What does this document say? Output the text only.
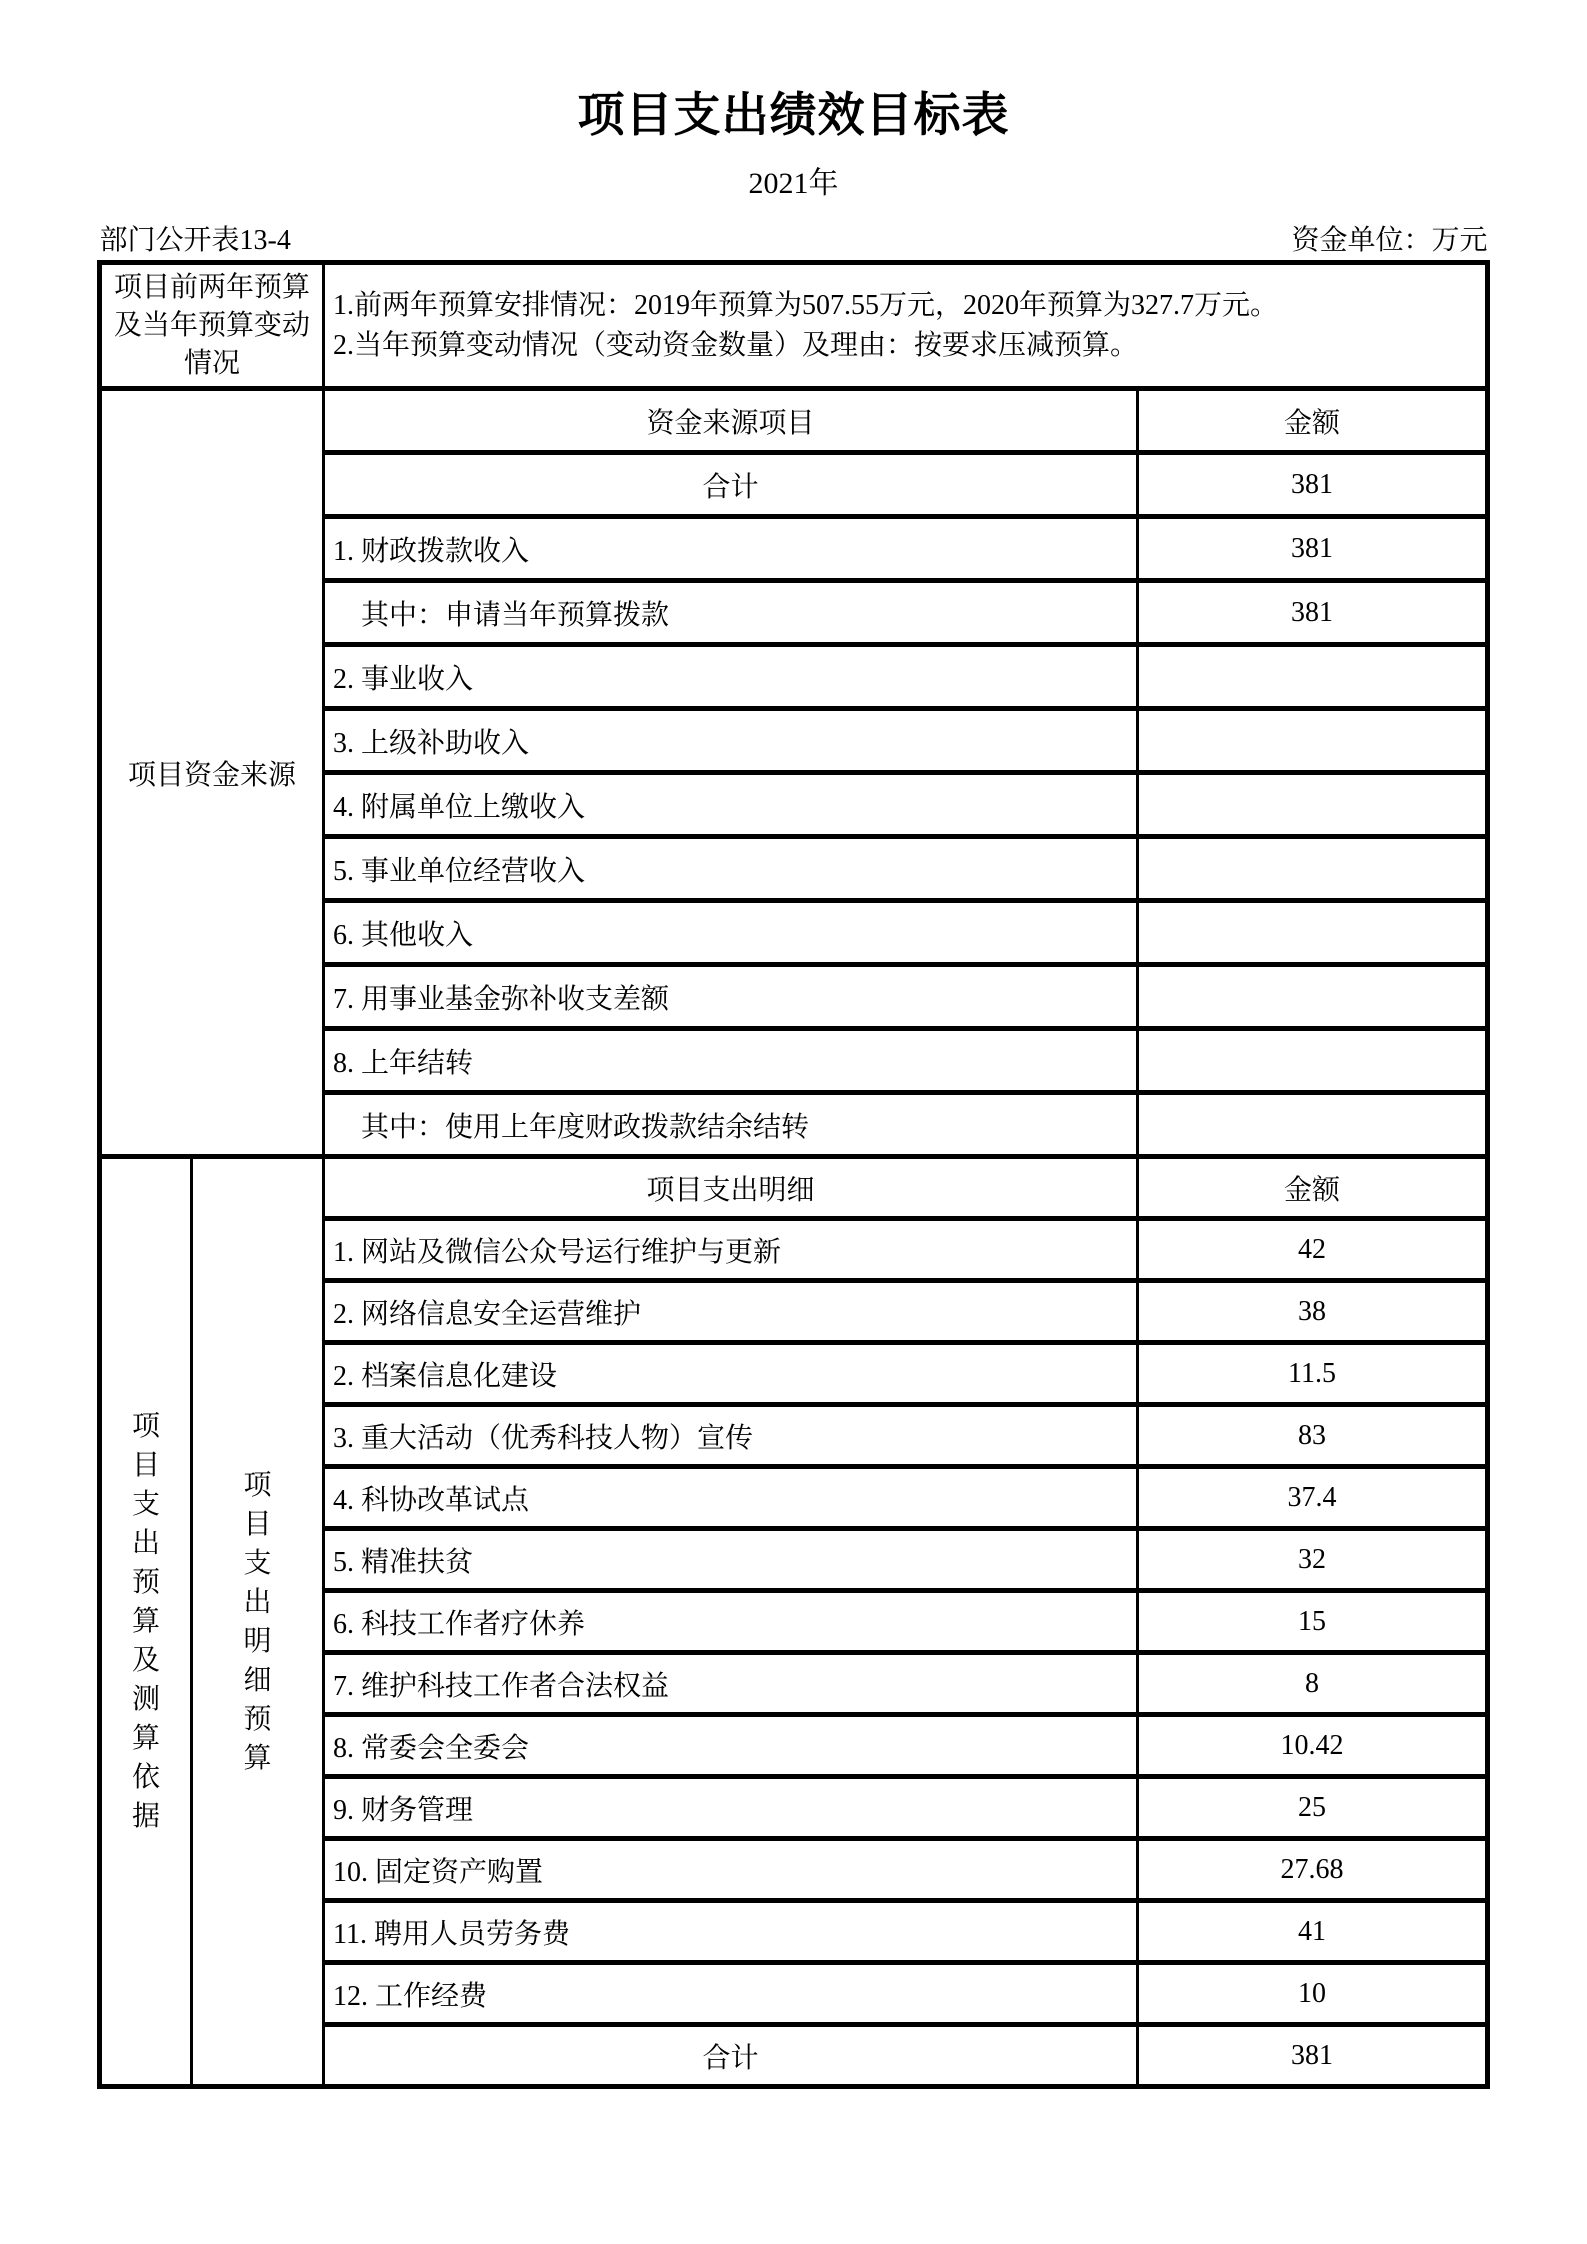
项目支出绩效目标表
2021年
部门公开表13-4	资金单位：万元
项目前两年预算及当年预算变动情况		1.前两年预算安排情况：2019年预算为507.55万元，2020年预算为327.7万元。
2.当年预算变动情况（变动资金数量）及理由：按要求压减预算。	

项目资金来源		资金来源项目	金额
		合计	381
		1. 财政拨款收入	381
		其中：申请当年预算拨款	381
		2. 事业收入	
		3. 上级补助收入	
		4. 附属单位上缴收入	
		5. 事业单位经营收入	
		6. 其他收入	
		7. 用事业基金弥补收支差额	
		8. 上年结转	
		其中：使用上年度财政拨款结余结转	

项目支出预算及测算依据	项目支出明细预算	项目支出明细	金额
		1. 网站及微信公众号运行维护与更新	42
		2. 网络信息安全运营维护	38
		2. 档案信息化建设	11.5
		3. 重大活动（优秀科技人物）宣传	83
		4. 科协改革试点	37.4
		5. 精准扶贫	32
		6. 科技工作者疗休养	15
		7. 维护科技工作者合法权益	8
		8. 常委会全委会	10.42
		9. 财务管理	25
		10. 固定资产购置	27.68
		11. 聘用人员劳务费	41
		12. 工作经费	10
		合计	381
